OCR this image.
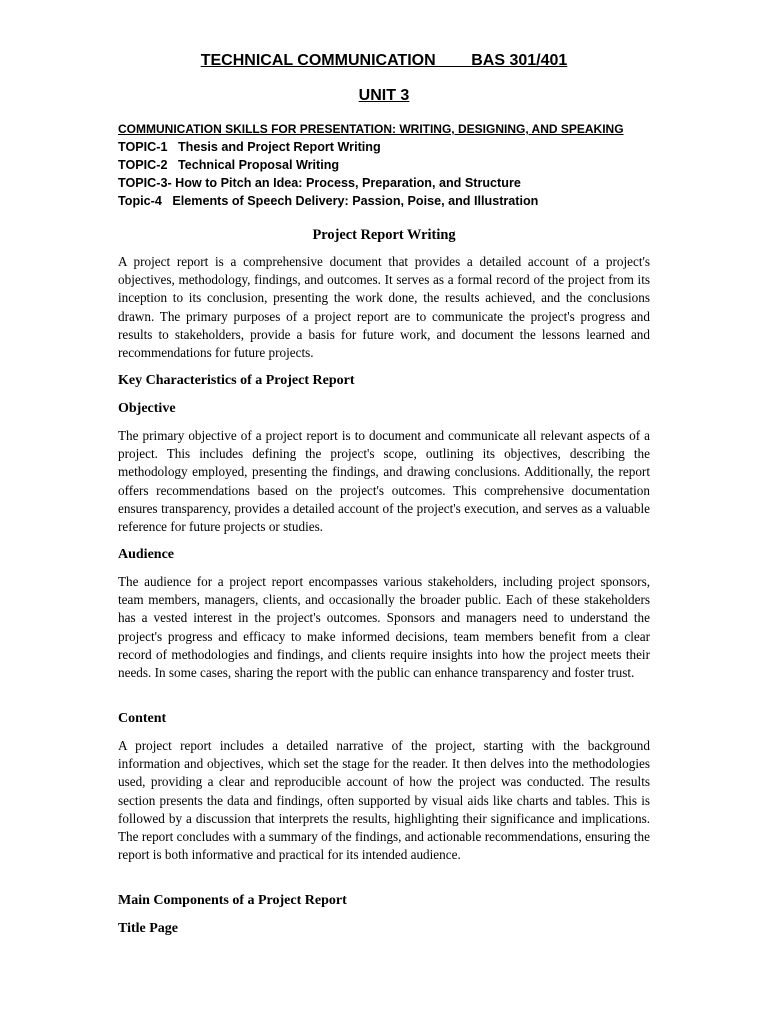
TECHNICAL COMMUNICATION        BAS 301/401
UNIT 3
COMMUNICATION SKILLS FOR PRESENTATION: WRITING, DESIGNING, AND SPEAKING
TOPIC-1   Thesis and Project Report Writing
TOPIC-2   Technical Proposal Writing
TOPIC-3- How to Pitch an Idea: Process, Preparation, and Structure
Topic-4   Elements of Speech Delivery: Passion, Poise, and Illustration
Project Report Writing
A project report is a comprehensive document that provides a detailed account of a project's objectives, methodology, findings, and outcomes. It serves as a formal record of the project from its inception to its conclusion, presenting the work done, the results achieved, and the conclusions drawn. The primary purposes of a project report are to communicate the project's progress and results to stakeholders, provide a basis for future work, and document the lessons learned and recommendations for future projects.
Key Characteristics of a Project Report
Objective
The primary objective of a project report is to document and communicate all relevant aspects of a project. This includes defining the project's scope, outlining its objectives, describing the methodology employed, presenting the findings, and drawing conclusions. Additionally, the report offers recommendations based on the project's outcomes. This comprehensive documentation ensures transparency, provides a detailed account of the project's execution, and serves as a valuable reference for future projects or studies.
Audience
The audience for a project report encompasses various stakeholders, including project sponsors, team members, managers, clients, and occasionally the broader public. Each of these stakeholders has a vested interest in the project's outcomes. Sponsors and managers need to understand the project's progress and efficacy to make informed decisions, team members benefit from a clear record of methodologies and findings, and clients require insights into how the project meets their needs. In some cases, sharing the report with the public can enhance transparency and foster trust.
Content
A project report includes a detailed narrative of the project, starting with the background information and objectives, which set the stage for the reader. It then delves into the methodologies used, providing a clear and reproducible account of how the project was conducted. The results section presents the data and findings, often supported by visual aids like charts and tables. This is followed by a discussion that interprets the results, highlighting their significance and implications. The report concludes with a summary of the findings, and actionable recommendations, ensuring the report is both informative and practical for its intended audience.
Main Components of a Project Report
Title Page
